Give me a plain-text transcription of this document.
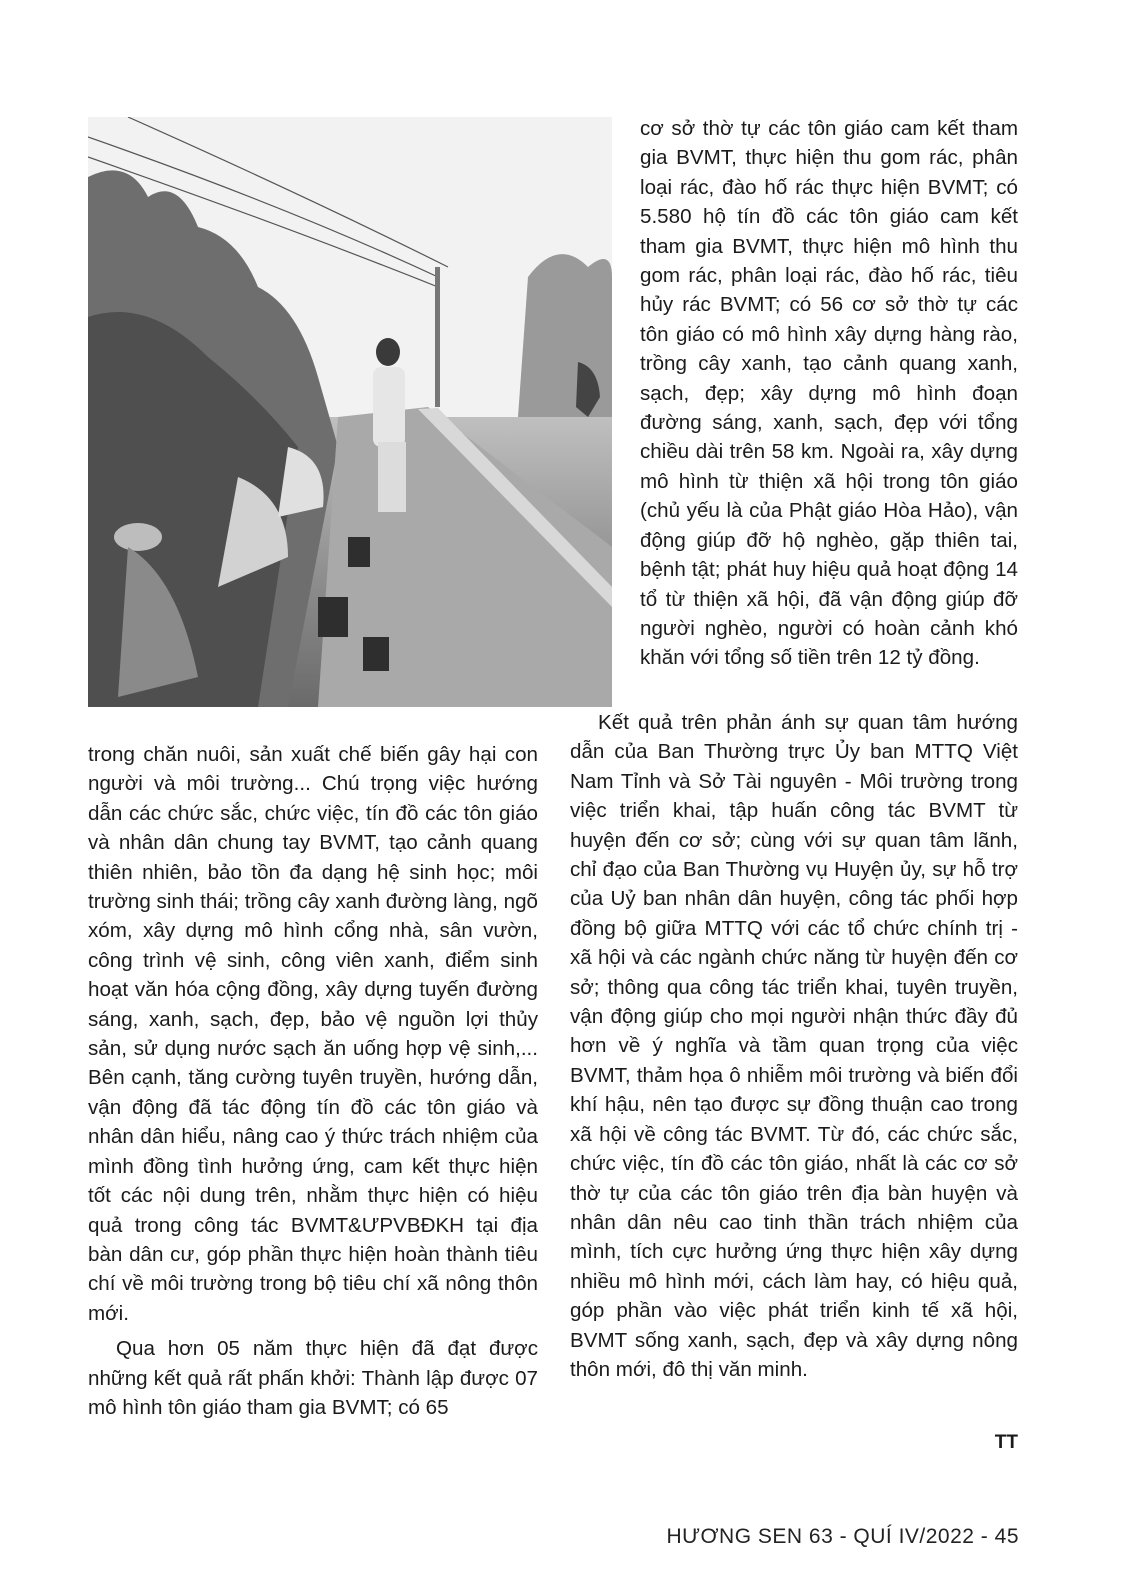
cơ sở thờ tự các tôn giáo cam kết tham gia BVMT, thực hiện thu gom rác, phân loại rác, đào hố rác thực hiện BVMT; có 5.580 hộ tín đồ các tôn giáo cam kết tham gia BVMT, thực hiện mô hình thu gom rác, phân loại rác, đào hố rác, tiêu hủy rác BVMT; có 56 cơ sở thờ tự các tôn giáo có mô hình xây dựng hàng rào, trồng cây xanh, tạo cảnh quang xanh, sạch, đẹp; xây dựng mô hình đoạn đường sáng, xanh, sạch, đẹp với tổng chiều dài trên 58 km. Ngoài ra, xây dựng mô hình từ thiện xã hội trong tôn giáo (chủ yếu là của Phật giáo Hòa Hảo), vận động giúp đỡ hộ nghèo, gặp thiên tai, bệnh tật; phát huy hiệu quả hoạt động 14 tổ từ thiện xã hội, đã vận động giúp đỡ người nghèo, người có hoàn cảnh khó khăn với tổng số tiền trên 12 tỷ đồng.

trong chăn nuôi, sản xuất chế biến gây hại con người và môi trường... Chú trọng việc hướng dẫn các chức sắc, chức việc, tín đồ các tôn giáo và nhân dân chung tay BVMT, tạo cảnh quang thiên nhiên, bảo tồn đa dạng hệ sinh học; môi trường sinh thái; trồng cây xanh đường làng, ngõ xóm, xây dựng mô hình cổng nhà, sân vườn, công trình vệ sinh, công viên xanh, điểm sinh hoạt văn hóa cộng đồng, xây dựng tuyến đường sáng, xanh, sạch, đẹp, bảo vệ nguồn lợi thủy sản, sử dụng nước sạch ăn uống hợp vệ sinh,... Bên cạnh, tăng cường tuyên truyền, hướng dẫn, vận động đã tác động tín đồ các tôn giáo và nhân dân hiểu, nâng cao ý thức trách nhiệm của mình đồng tình hưởng ứng, cam kết thực hiện tốt các nội dung trên, nhằm thực hiện có hiệu quả trong công tác BVMT&ƯPVBĐKH tại địa bàn dân cư, góp phần thực hiện hoàn thành tiêu chí về môi trường trong bộ tiêu chí xã nông thôn mới.

Qua hơn 05 năm thực hiện đã đạt được những kết quả rất phấn khởi: Thành lập được 07 mô hình tôn giáo tham gia BVMT; có 65

Kết quả trên phản ánh sự quan tâm hướng dẫn của Ban Thường trực Ủy ban MTTQ Việt Nam Tỉnh và Sở Tài nguyên - Môi trường trong việc triển khai, tập huấn công tác BVMT từ huyện đến cơ sở; cùng với sự quan tâm lãnh, chỉ đạo của Ban Thường vụ Huyện ủy, sự hỗ trợ của Uỷ ban nhân dân huyện, công tác phối hợp đồng bộ giữa MTTQ với các tổ chức chính trị - xã hội và các ngành chức năng từ huyện đến cơ sở; thông qua công tác triển khai, tuyên truyền, vận động giúp cho mọi người nhận thức đầy đủ hơn về ý nghĩa và tầm quan trọng của việc BVMT, thảm họa ô nhiễm môi trường và biến đổi khí hậu, nên tạo được sự đồng thuận cao trong xã hội về công tác BVMT. Từ đó, các chức sắc, chức việc, tín đồ các tôn giáo, nhất là các cơ sở thờ tự của các tôn giáo trên địa bàn huyện và nhân dân nêu cao tinh thần trách nhiệm của mình, tích cực hưởng ứng thực hiện xây dựng nhiều mô hình mới, cách làm hay, có hiệu quả, góp phần vào việc phát triển kinh tế xã hội, BVMT sống xanh, sạch, đẹp và xây dựng nông thôn mới, đô thị văn minh.

TT
HƯƠNG SEN 63 - QUÍ IV/2022 - 45
